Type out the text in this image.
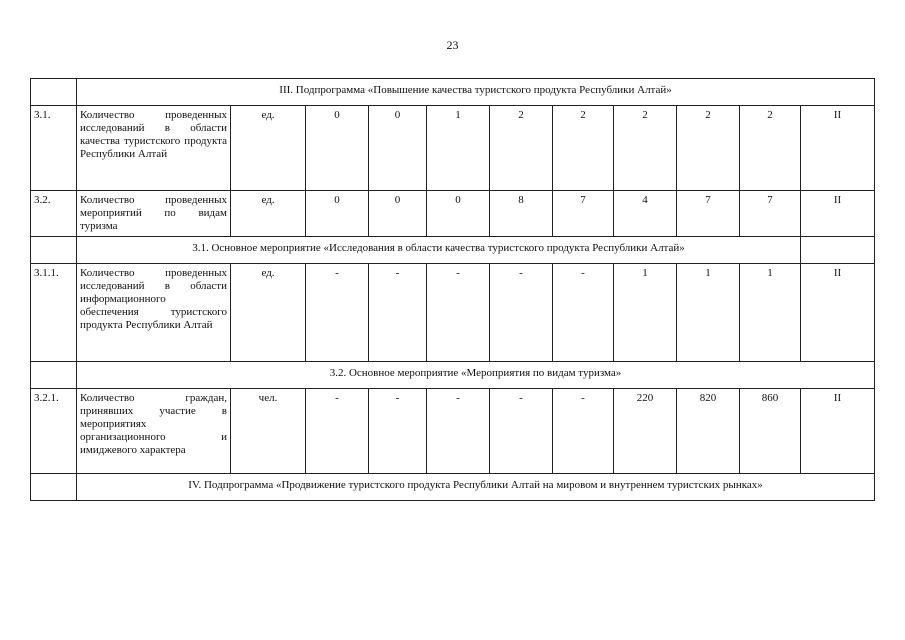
23
	III. Подпрограмма «Повышение качества туристского продукта Республики Алтай»										
3.1.	Количество проведенных исследований в области качества туристского продукта Республики Алтай	ед.	0	0	1	2	2	2	2	2	II
3.2.	Количество проведенных мероприятий по видам туризма	ед.	0	0	0	8	7	4	7	7	II
	3.1. Основное мероприятие «Исследования в области качества туристского продукта Республики Алтай»										
3.1.1.	Количество проведенных исследований в области информационного обеспечения туристского продукта Республики Алтай	ед.	-	-	-	-	-	1	1	1	II
	3.2. Основное мероприятие «Мероприятия по видам туризма»										
3.2.1.	Количество граждан, принявших участие в мероприятиях организационного и имиджевого характера	чел.	-	-	-	-	-	220	820	860	II
	IV. Подпрограмма «Продвижение туристского продукта Республики Алтай на мировом и внутреннем туристских рынках»										
